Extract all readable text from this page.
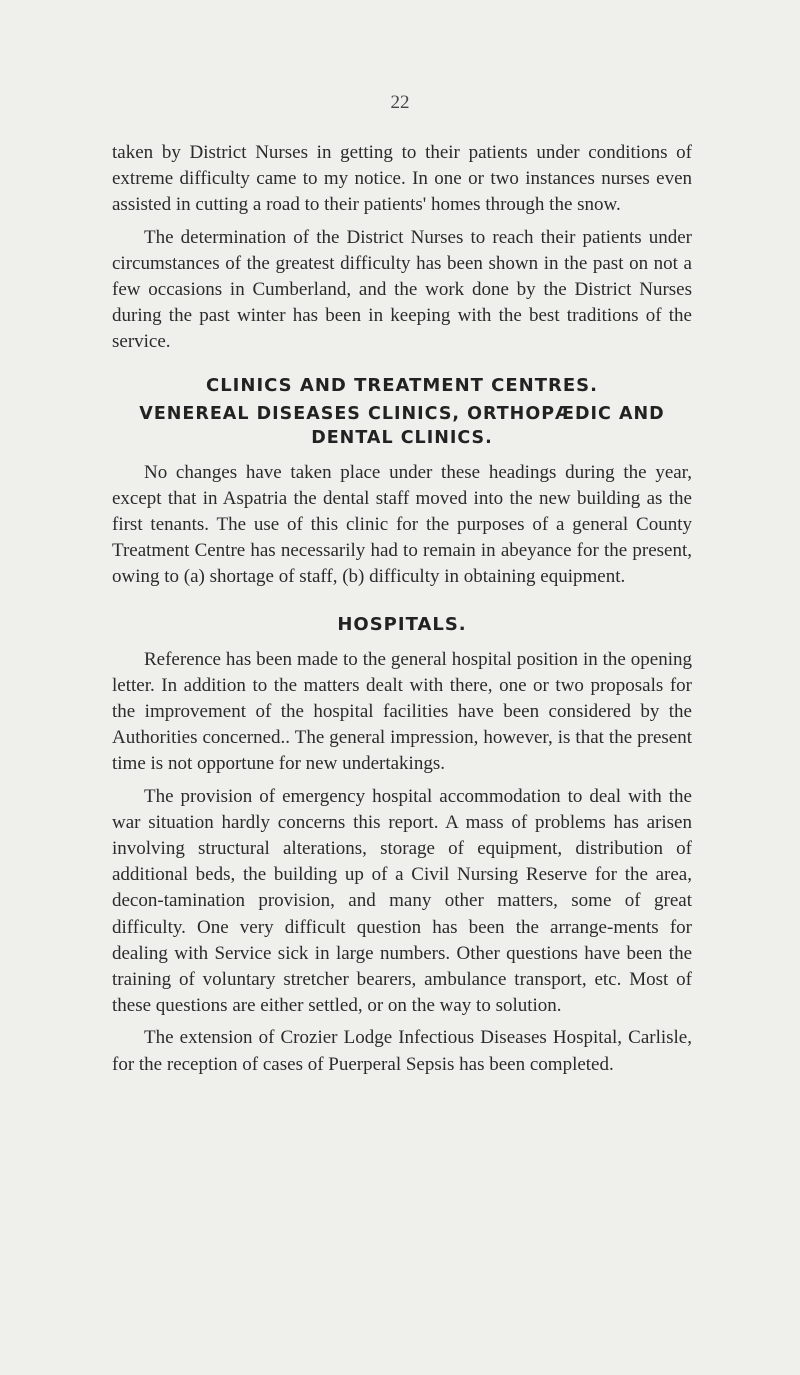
22

taken by District Nurses in getting to their patients under conditions of extreme difficulty came to my notice. In one or two instances nurses even assisted in cutting a road to their patients' homes through the snow.

The determination of the District Nurses to reach their patients under circumstances of the greatest difficulty has been shown in the past on not a few occasions in Cumberland, and the work done by the District Nurses during the past winter has been in keeping with the best traditions of the service.

CLINICS AND TREATMENT CENTRES.
VENEREAL DISEASES CLINICS, ORTHOPÆDIC AND DENTAL CLINICS.

No changes have taken place under these headings during the year, except that in Aspatria the dental staff moved into the new building as the first tenants. The use of this clinic for the purposes of a general County Treatment Centre has necessarily had to remain in abeyance for the present, owing to (a) shortage of staff, (b) difficulty in obtaining equipment.

HOSPITALS.

Reference has been made to the general hospital position in the opening letter. In addition to the matters dealt with there, one or two proposals for the improvement of the hospital facilities have been considered by the Authorities concerned.. The general impression, however, is that the present time is not opportune for new undertakings.

The provision of emergency hospital accommodation to deal with the war situation hardly concerns this report. A mass of problems has arisen involving structural alterations, storage of equipment, distribution of additional beds, the building up of a Civil Nursing Reserve for the area, decon-tamination provision, and many other matters, some of great difficulty. One very difficult question has been the arrange-ments for dealing with Service sick in large numbers. Other questions have been the training of voluntary stretcher bearers, ambulance transport, etc. Most of these questions are either settled, or on the way to solution.

The extension of Crozier Lodge Infectious Diseases Hospital, Carlisle, for the reception of cases of Puerperal Sepsis has been completed.
